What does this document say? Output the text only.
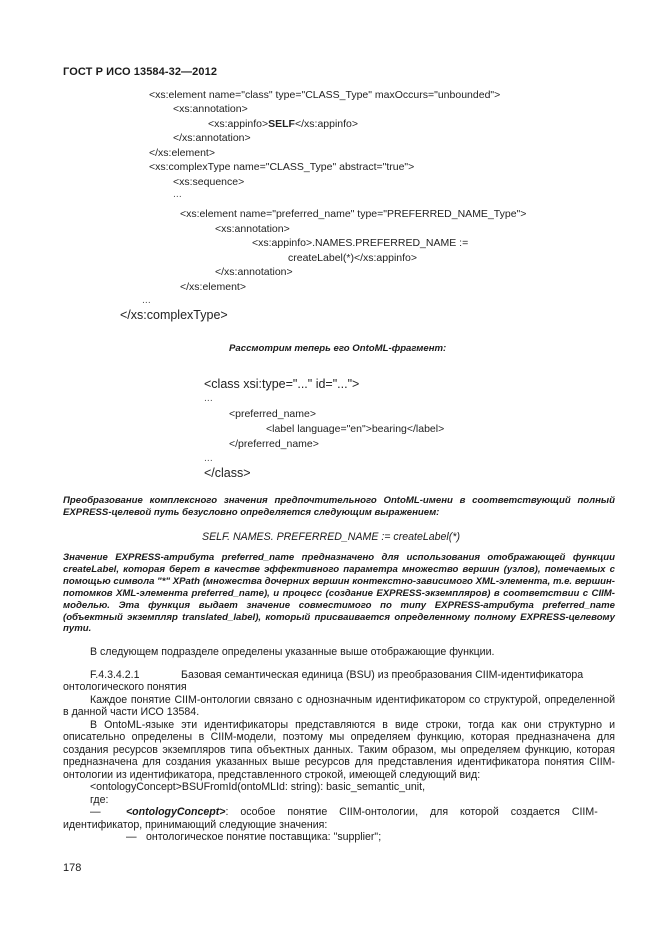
ГОСТ Р ИСО 13584-32—2012
<xs:element name="class" type="CLASS_Type" maxOccurs="unbounded">
<xs:annotation>
<xs:appinfo>SELF</xs:appinfo>
</xs:annotation>
</xs:element>
<xs:complexType name="CLASS_Type" abstract="true">
<xs:sequence>
...
<xs:element name="preferred_name" type="PREFERRED_NAME_Type">
<xs:annotation>
<xs:appinfo>.NAMES.PREFERRED_NAME :=
createLabel(*)</xs:appinfo>
</xs:annotation>
</xs:element>
...
</xs:complexType>
Рассмотрим теперь его OntoML-фрагмент:
<class xsi:type="..." id="...">
...
<preferred_name>
<label language="en">bearing</label>
</preferred_name>
...
</class>
Преобразование комплексного значения предпочтительного OntoML-имени в соответствующий полный EXPRESS-целевой путь безусловно определяется следующим выражением:
SELF. NAMES. PREFERRED_NAME := createLabel(*)
Значение EXPRESS-атрибута preferred_name предназначено для использования отображающей функции createLabel, которая берет в качестве эффективного параметра множество вершин (узлов), помечаемых с помощью символа "*" XPath (множества дочерних вершин контекстно-зависимого XML-элемента, т.е. вершин-потомков XML-элемента preferred_name), и процесс (создание EXPRESS-экземпляров) в соответствии с CIIM-моделью. Эта функция выдает значение совместимого по типу EXPRESS-атрибута preferred_name (объектный экземпляр translated_label), который присваивается определенному полному EXPRESS-целевому пути.
В следующем подразделе определены указанные выше отображающие функции.
F.4.3.4.2.1	Базовая семантическая единица (BSU) из преобразования CIIM-идентификатора
онтологического понятия
Каждое понятие CIIM-онтологии связано с однозначным идентификатором со структурой, определенной в данной части ИСО 13584.
В OntoML-языке эти идентификаторы представляются в виде строки, тогда как они структурно и описательно определены в CIIM-модели, поэтому мы определяем функцию, которая предназначена для создания ресурсов экземпляров типа объектных данных. Таким образом, мы определяем функцию, которая предназначена для создания указанных выше ресурсов для представления идентификатора понятия CIIM-онтологии из идентификатора, представленного строкой, имеющей следующий вид:
<ontologyConcept>BSUFromId(ontoMLId: string): basic_semantic_unit,
где:
— <ontologyConcept>: особое понятие CIIM-онтологии, для которой создается CIIM-
идентификатор, принимающий следующие значения:
— онтологическое понятие поставщика: "supplier";
178
